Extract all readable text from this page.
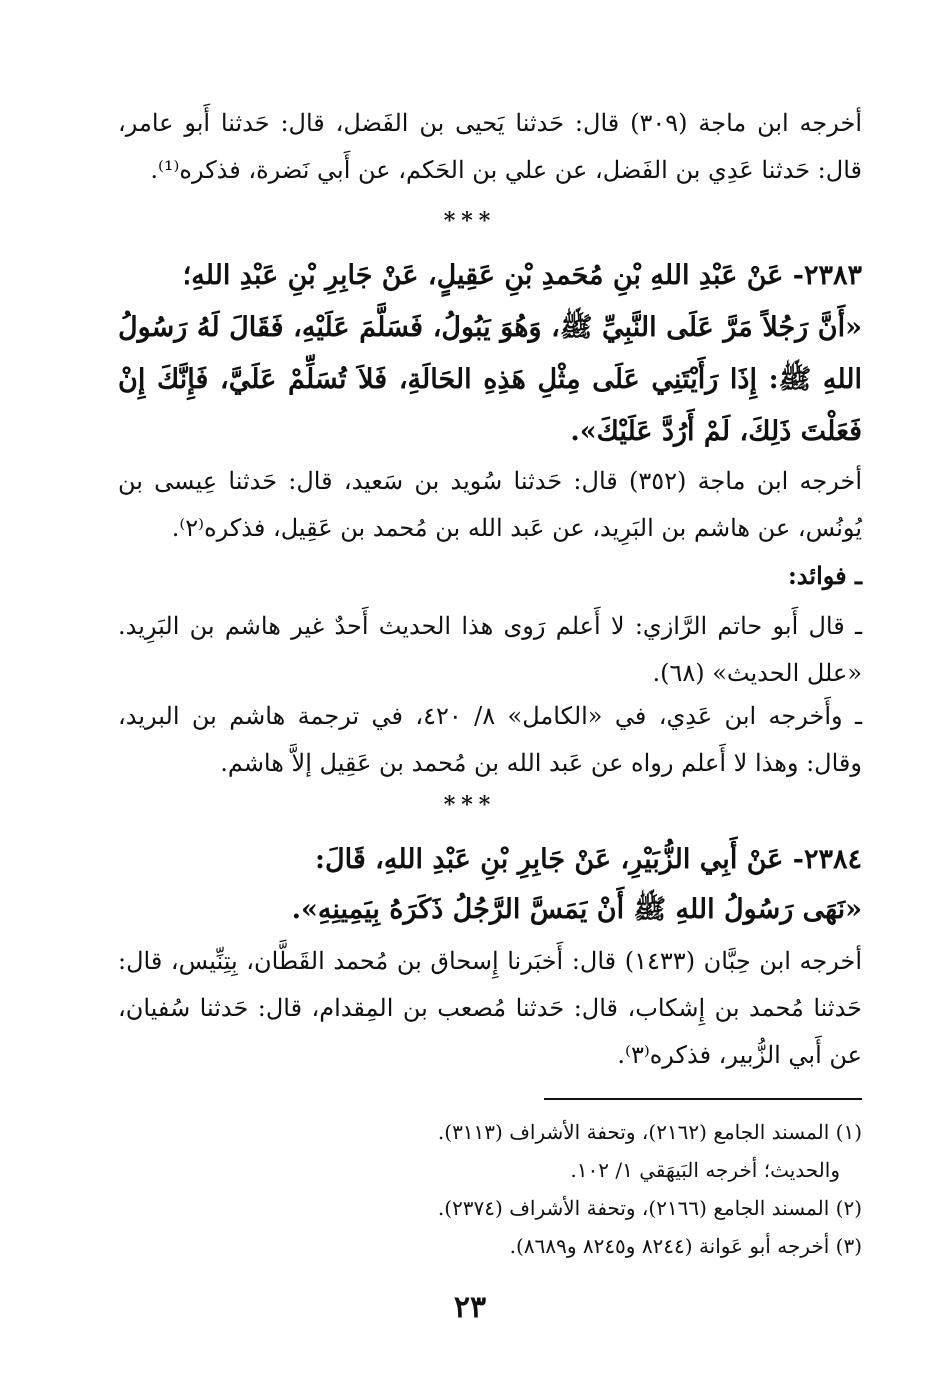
أخرجه ابن ماجة (٣٠٩) قال: حَدثنا يَحيى بن الفَضل، قال: حَدثنا أَبو عامر، قال: حَدثنا عَدِي بن الفَضل، عن علي بن الحَكم، عن أَبي نَضرة، فذكره⁽¹⁾.

***

٢٣٨٣- عَنْ عَبْدِ اللهِ بْنِ مُحَمدِ بْنِ عَقِيلٍ، عَنْ جَابِرِ بْنِ عَبْدِ اللهِ؛

«أَنَّ رَجُلاً مَرَّ عَلَى النَّبِيِّ ﷺ، وَهُوَ يَبُولُ، فَسَلَّمَ عَلَيْهِ، فَقَالَ لَهُ رَسُولُ اللهِ ﷺ: إِذَا رَأَيْتَنِي عَلَى مِثْلِ هَذِهِ الحَالَةِ، فَلاَ تُسَلِّمْ عَلَيَّ، فَإِنَّكَ إِنْ فَعَلْتَ ذَلِكَ، لَمْ أَرُدَّ عَلَيْكَ».

أخرجه ابن ماجة (٣٥٢) قال: حَدثنا سُويد بن سَعيد، قال: حَدثنا عِيسى بن يُونُس، عن هاشم بن البَرِيد، عن عَبد الله بن مُحمد بن عَقِيل، فذكره⁽٢⁾.

ـ فوائد:

ـ قال أَبو حاتم الرَّازي: لا أَعلم رَوى هذا الحديث أَحدٌ غير هاشم بن البَرِيد. «علل الحديث» (٦٨).

ـ وأَخرجه ابن عَدِي، في «الكامل» ٨/ ٤٢٠، في ترجمة هاشم بن البريد، وقال: وهذا لا أَعلم رواه عن عَبد الله بن مُحمد بن عَقِيل إلاَّ هاشم.

***

٢٣٨٤- عَنْ أَبِي الزُّبَيْرِ، عَنْ جَابِرِ بْنِ عَبْدِ اللهِ، قَالَ:

«نَهَى رَسُولُ اللهِ ﷺ أَنْ يَمَسَّ الرَّجُلُ ذَكَرَهُ بِيَمِينِهِ».

أخرجه ابن حِبَّان (١٤٣٣) قال: أَخبَرنا إِسحاق بن مُحمد القَطَّان، بِتِنِّيس، قال: حَدثنا مُحمد بن إِشكاب، قال: حَدثنا مُصعب بن المِقدام، قال: حَدثنا سُفيان، عن أَبي الزُّبير، فذكره⁽٣⁾.

(١) المسند الجامع (٢١٦٢)، وتحفة الأشراف (٣١١٣).

والحديث؛ أخرجه البَيهَقي ١/ ١٠٢.

(٢) المسند الجامع (٢١٦٦)، وتحفة الأشراف (٢٣٧٤).

(٣) أخرجه أبو عَوانة (٨٢٤٤ و٨٢٤٥ و٨٦٨٩).

٢٣
